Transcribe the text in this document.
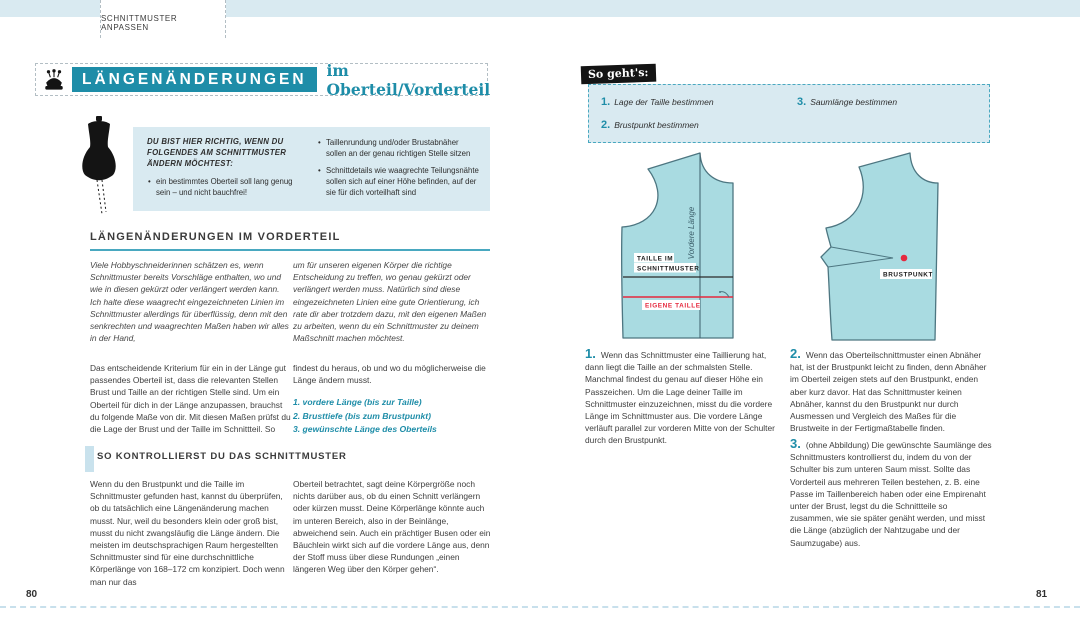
SCHNITTMUSTER ANPASSEN
LÄNGENÄNDERUNGEN	im Oberteil/Vorderteil
So geht's:
1. Lage der Taille bestimmen
2. Brustpunkt bestimmen
3. Saumlänge bestimmen
DU BIST HIER RICHTIG, WENN DU FOLGENDES AM SCHNITTMUSTER ÄNDERN MÖCHTEST:
• ein bestimmtes Oberteil soll lang genug sein – und nicht bauchfrei!
• Taillenrundung und/oder Brustabnäher sollen an der genau richtigen Stelle sitzen
• Schnittdetails wie waagrechte Teilungsnähte sollen sich auf einer Höhe befinden, auf der sie für dich vorteilhaft sind
LÄNGENÄNDERUNGEN IM VORDERTEIL
Viele Hobbyschneiderinnen schätzen es, wenn Schnittmuster bereits Vorschläge enthalten, wo und wie in diesen gekürzt oder verlängert werden kann. Ich halte diese waagrecht eingezeichneten Linien im Schnittmuster allerdings für überflüssig, denn mit den senkrechten und waagrechten Maßen haben wir alles in der Hand,
um für unseren eigenen Körper die richtige Entscheidung zu treffen, wo genau gekürzt oder verlängert werden muss. Natürlich sind diese eingezeichneten Linien eine gute Orientierung, ich rate dir aber trotzdem dazu, mit den eigenen Maßen zu arbeiten, wenn du ein Schnittmuster zu deinem Maßschnitt machen möchtest.
Das entscheidende Kriterium für ein in der Länge gut passendes Oberteil ist, dass die relevanten Stellen Brust und Taille an der richtigen Stelle sind. Um ein Oberteil für dich in der Länge anzupassen, brauchst du folgende Maße von dir. Mit diesen Maßen prüfst du die Lage der Brust und der Taille im Schnittteil. So
findest du heraus, ob und wo du möglicherweise die Länge ändern musst.
1. vordere Länge (bis zur Taille)
2. Brusttiefe (bis zum Brustpunkt)
3. gewünschte Länge des Oberteils
SO KONTROLLIERST DU DAS SCHNITTMUSTER
Wenn du den Brustpunkt und die Taille im Schnittmuster gefunden hast, kannst du überprüfen, ob du tatsächlich eine Längenänderung machen musst. Nur, weil du besonders klein oder groß bist, musst du nicht zwangsläufig die Länge ändern. Die meisten im deutschsprachigen Raum hergestellten Schnittmuster sind für eine durchschnittliche Körperlänge von 168–172 cm konzipiert. Doch wenn man nur das
Oberteil betrachtet, sagt deine Körpergröße noch nichts darüber aus, ob du einen Schnitt verlängern oder kürzen musst. Deine Körperlänge könnte auch im unteren Bereich, also in der Beinlänge, abweichend sein. Auch ein prächtiger Busen oder ein Bäuchlein wirkt sich auf die vordere Länge aus, denn der Stoff muss über diese Rundungen „einen längeren Weg über den Körper gehen“.
Vordere Länge
TAILLE IM
SCHNITTMUSTER
EIGENE TAILLE
BRUSTPUNKT
1. Wenn das Schnittmuster eine Taillierung hat, dann liegt die Taille an der schmalsten Stelle. Manchmal findest du genau auf dieser Höhe ein Passzeichen. Um die Lage deiner Taille im Schnittmuster einzuzeichnen, misst du die vordere Länge im Schnittmuster aus. Die vordere Länge verläuft parallel zur vorderen Mitte von der Schulter durch den Brustpunkt.
2. Wenn das Oberteilschnittmuster einen Abnäher hat, ist der Brustpunkt leicht zu finden, denn Abnäher im Oberteil zeigen stets auf den Brustpunkt, enden aber kurz davor. Hat das Schnittmuster keinen Abnäher, kannst du den Brustpunkt nur durch Ausmessen und Vergleich des Maßes für die Brustweite in der Fertigmaßtabelle finden.
3. (ohne Abbildung) Die gewünschte Saumlänge des Schnittmusters kontrollierst du, indem du von der Schulter bis zum unteren Saum misst. Sollte das Vorderteil aus mehreren Teilen bestehen, z. B. eine Passe im Taillenbereich haben oder eine Empirenaht unter der Brust, legst du die Schnittteile so zusammen, wie sie später genäht werden, und misst die Länge (abzüglich der Nahtzugabe und der Saumzugabe) aus.
80	81
